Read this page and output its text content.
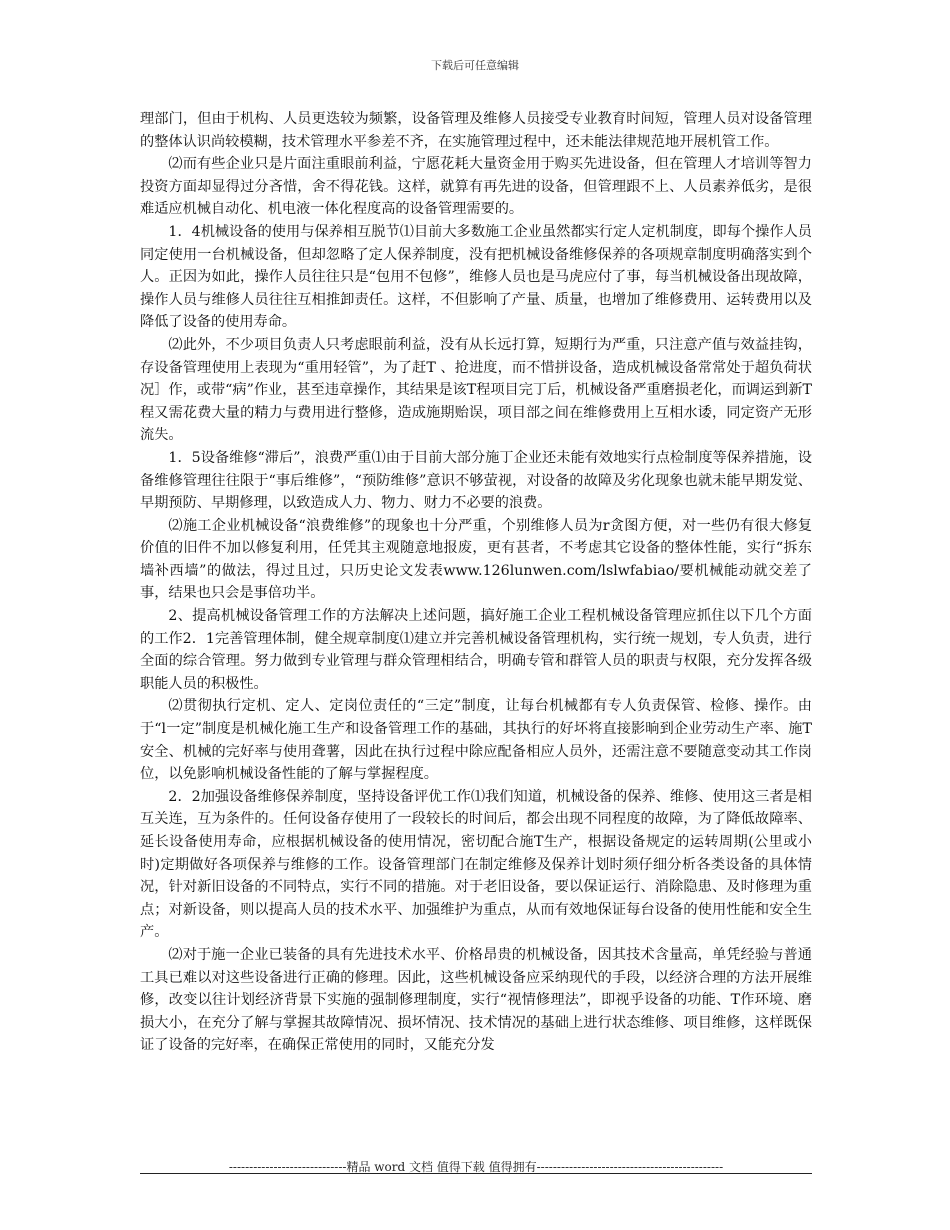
下载后可任意编辑

理部门，但由于机构、人员更迭较为频繁，设备管理及维修人员接受专业教育时间短，管理人员对设备管理的整体认识尚较模糊，技术管理水平参差不齐，在实施管理过程中，还未能法律规范地开展机管工作。

⑵而有些企业只是片面注重眼前利益，宁愿花耗大量资金用于购买先进设备，但在管理人才培训等智力投资方面却显得过分吝惜，舍不得花钱。这样，就算有再先进的设备，但管理跟不上、人员素养低劣，是很难适应机械自动化、机电液一体化程度高的设备管理需要的。

1．4机械设备的使用与保养相互脱节⑴目前大多数施工企业虽然都实行定人定机制度，即每个操作人员同定使用一台机械设备，但却忽略了定人保养制度，没有把机械设备维修保养的各项规章制度明确落实到个人。正因为如此，操作人员往往只是“包用不包修”，维修人员也是马虎应付了事，每当机械设备出现故障，操作人员与维修人员往往互相推卸责任。这样，不但影响了产量、质量，也增加了维修费用、运转费用以及降低了设备的使用寿命。

⑵此外，不少项目负责人只考虑眼前利益，没有从长远打算，短期行为严重，只注意产值与效益挂钩，存设备管理使用上表现为“重用轻管”，为了赶T 、抢进度，而不惜拼设备，造成机械设备常常处于超负荷状况］作，或带“病”作业，甚至违章操作，其结果是该T程项目完丁后，机械设备严重磨损老化，而调运到新T程又需花费大量的精力与费用进行整修，造成施期贻误，项目部之间在维修费用上互相水诿，同定资产无形流失。

1．5设备维修“滞后”，浪费严重⑴由于目前大部分施丁企业还未能有效地实行点检制度等保养措施，设备维修管理往往限于“事后维修”，“预防维修”意识不够萤视，对设备的故障及劣化现象也就未能早期发觉、早期预防、早期修理，以致造成人力、物力、财力不必要的浪费。

⑵施工企业机械设备“浪费维修”的现象也十分严重，个别维修人员为r贪图方便，对一些仍有很大修复价值的旧件不加以修复利用，任凭其主观随意地报废，更有甚者，不考虑其它设备的整体性能，实行“拆东墙补西墙”的做法，得过且过，只历史论文发表www.126lunwen.com/lslwfabiao/要机械能动就交差了事，结果也只会是事倍功半。

2、提高机械设备管理工作的方法解决上述问题，搞好施工企业工程机械设备管理应抓住以下几个方面的工作2．1完善管理体制，健全规章制度⑴建立并完善机械设备管理机构，实行统一规划，专人负责，进行全面的综合管理。努力做到专业管理与群众管理相结合，明确专管和群管人员的职责与权限，充分发挥各级职能人员的积极性。

⑵贯彻执行定机、定人、定岗位责任的“三定”制度，让每台机械都有专人负责保管、检修、操作。由于“l一定”制度是机械化施工生产和设备管理工作的基础，其执行的好坏将直接影晌到企业劳动生产率、施T安全、机械的完好率与使用聋薯，因此在执行过程中除应配备相应人员外，还需注意不要随意变动其工作岗位，以免影响机械设备性能的了解与掌握程度。

2．2加强设备维修保养制度，坚持设备评优工作⑴我们知道，机械设备的保养、维修、使用这三者是相互关连，互为条件的。任何设备存使用了一段较长的时间后，都会出现不同程度的故障，为了降低故障率、延长设备使用寿命，应根据机械设备的使用情况，密切配合施T生产，根据设备规定的运转周期(公里或小时)定期做好各项保养与维修的工作。设备管理部门在制定维修及保养计划时须仔细分析各类设备的具体情况，针对新旧设备的不同特点，实行不同的措施。对于老旧设备，要以保证运行、消除隐患、及时修理为重点；对新设备，则以提高人员的技术水平、加强维护为重点，从而有效地保证每台设备的使用性能和安全生产。

⑵对于施一企业已装备的具有先进技术水平、价格昂贵的机械设备，因其技术含量高，单凭经验与普通工具已难以对这些设备进行正确的修理。因此，这些机械设备应采纳现代的手段，以经济合理的方法开展维修，改变以往计划经济背景下实施的强制修理制度，实行“视情修理法”，即视乎设备的功能、T作环境、磨损大小，在充分了解与掌握其故障情况、损坏情况、技术情况的基础上进行状态维修、项目维修，这样既保证了设备的完好率，在确保正常使用的同时，又能充分发

-----------------------------精品 word 文档 值得下载 值得拥有----------------------------------------------
